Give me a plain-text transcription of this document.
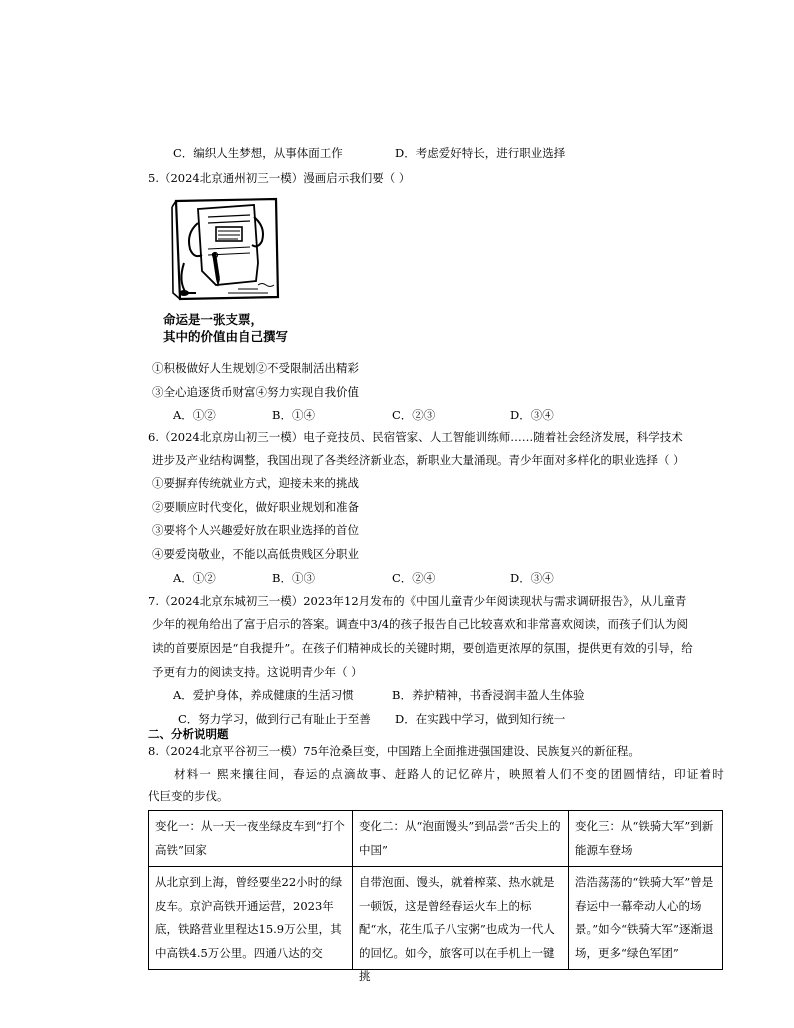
C．编织人生梦想，从事体面工作	D．考虑爱好特长，进行职业选择
5.（2024北京通州初三一模）漫画启示我们要（ ）
命运是一张支票，
其中的价值由自己撰写
①积极做好人生规划②不受限制活出精彩
③全心追逐货币财富④努力实现自我价值
A．①②	B．①④	C．②③	D．③④
6.（2024北京房山初三一模）电子竞技员、民宿管家、人工智能训练师……随着社会经济发展，科学技术
进步及产业结构调整，我国出现了各类经济新业态，新职业大量涌现。青少年面对多样化的职业选择（ ）
①要摒弃传统就业方式，迎接未来的挑战
②要顺应时代变化，做好职业规划和准备
③要将个人兴趣爱好放在职业选择的首位
④要爱岗敬业，不能以高低贵贱区分职业
A．①②	B．①③	C．②④	D．③④
7.（2024北京东城初三一模）2023年12月发布的《中国儿童青少年阅读现状与需求调研报告》，从儿童青
少年的视角给出了富于启示的答案。调查中3/4的孩子报告自己比较喜欢和非常喜欢阅读，而孩子们认为阅
读的首要原因是“自我提升”。在孩子们精神成长的关键时期，要创造更浓厚的氛围，提供更有效的引导，给
予更有力的阅读支持。这说明青少年（ ）
A．爱护身体，养成健康的生活习惯	B．养护精神，书香浸润丰盈人生体验
C．努力学习，做到行己有耻止于至善 D．在实践中学习，做到知行统一
二、分析说明题
8.（2024北京平谷初三一模）75年沧桑巨变，中国踏上全面推进强国建设、民族复兴的新征程。
材料一 熙来攘往间，春运的点滴故事、赶路人的记忆碎片，映照着人们不变的团圆情结，印证着时
代巨变的步伐。
变化一：从一天一夜坐绿皮车到“打个高铁”回家	变化二：从“泡面馒头”到品尝“舌尖上的中国”	变化三：从“铁骑大军”到新能源车登场

从北京到上海，曾经要坐22小时的绿皮车。京沪高铁开通运营，2023年底，铁路营业里程达15.9万公里，其中高铁4.5万公里。四通八达的交	自带泡面、馒头，就着榨菜、热水就是一顿饭，这是曾经春运火车上的标配“水，花生瓜子八宝粥”也成为一代人的回忆。如今，旅客可以在手机上一键挑	浩浩荡荡的“铁骑大军”曾是春运中一幕牵动人心的场景。”如今“铁骑大军”逐渐退场，更多“绿色军团”
